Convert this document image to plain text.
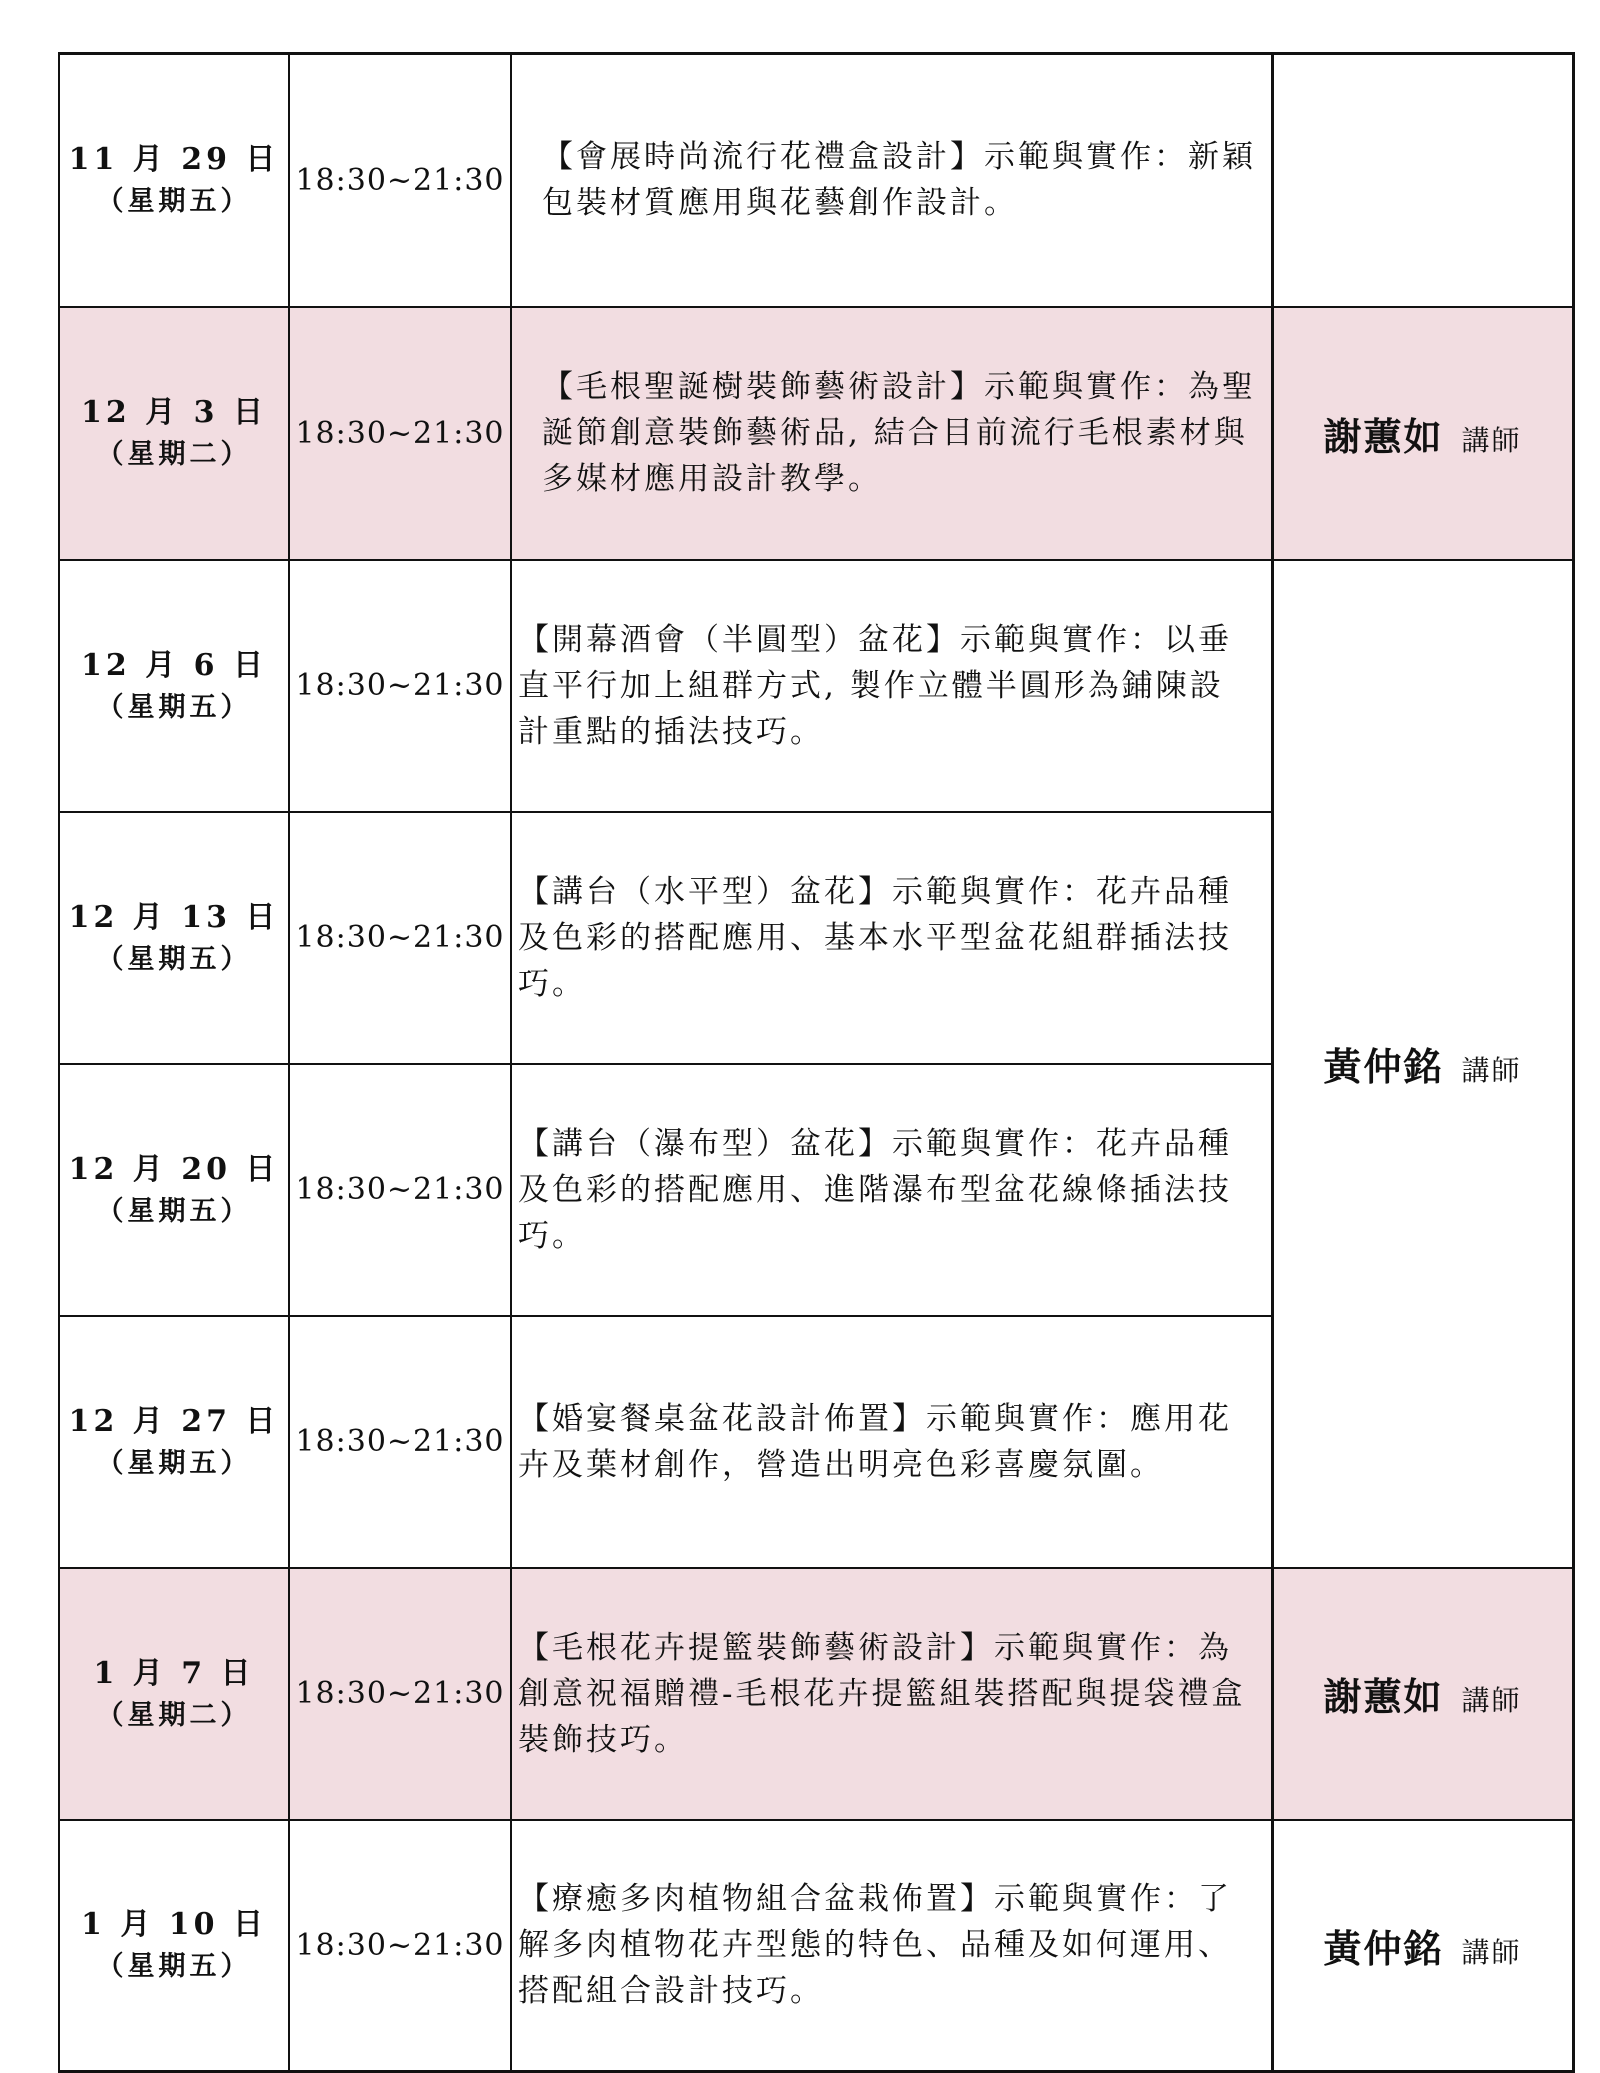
11 月 29 日
（星期五）	18:30~21:30	【會展時尚流行花禮盒設計】示範與實作：新穎包裝材質應用與花藝創作設計。	

12 月 3 日
（星期二）	18:30~21:30	【毛根聖誕樹裝飾藝術設計】示範與實作：為聖誕節創意裝飾藝術品, 結合目前流行毛根素材與多媒材應用設計教學。	謝蕙如 講師

12 月 6 日
（星期五）	18:30~21:30	【開幕酒會（半圓型）盆花】示範與實作：以垂直平行加上組群方式, 製作立體半圓形為鋪陳設計重點的插法技巧。	黃仲銘 講師

12 月 13 日
（星期五）	18:30~21:30	【講台（水平型）盆花】示範與實作：花卉品種及色彩的搭配應用、基本水平型盆花組群插法技巧。	

12 月 20 日
（星期五）	18:30~21:30	【講台（瀑布型）盆花】示範與實作：花卉品種及色彩的搭配應用、進階瀑布型盆花線條插法技巧。	

12 月 27 日
（星期五）	18:30~21:30	【婚宴餐桌盆花設計佈置】示範與實作：應用花卉及葉材創作，營造出明亮色彩喜慶氛圍。	

1 月 7 日
（星期二）	18:30~21:30	【毛根花卉提籃裝飾藝術設計】示範與實作：為創意祝福贈禮-毛根花卉提籃組裝搭配與提袋禮盒裝飾技巧。	謝蕙如 講師

1 月 10 日
（星期五）	18:30~21:30	【療癒多肉植物組合盆栽佈置】示範與實作：了解多肉植物花卉型態的特色、品種及如何運用、搭配組合設計技巧。	黃仲銘 講師
